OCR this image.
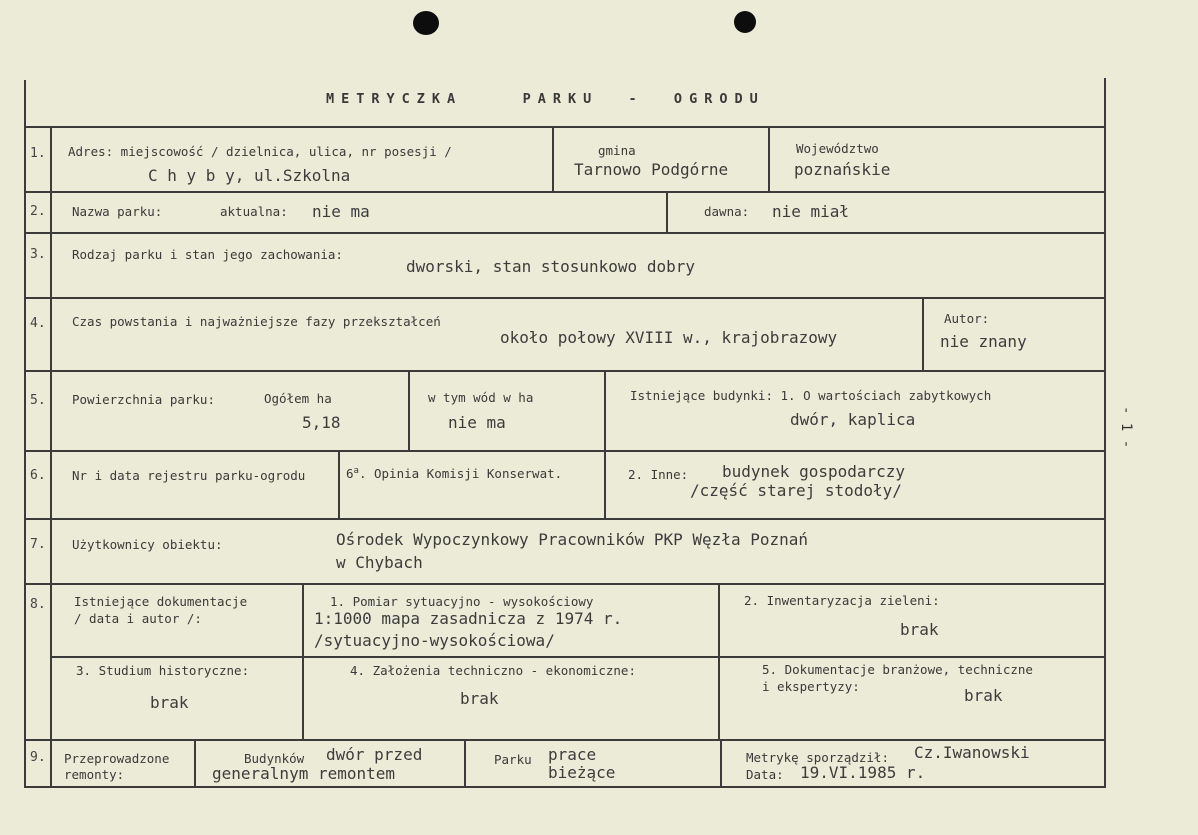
METRYCZKA    PARKU  -  OGRODU
1. Adres: miejscowość / dzielnica, ulica, nr posesji /
C h y b y, ul.Szkolna
gmina
Tarnowo Podgórne
Województwo
poznańskie
2. Nazwa parku:	aktualna: nie ma	dawna: nie miał
3. Rodzaj parku i stan jego zachowania:
dworski, stan stosunkowo dobry
4. Czas powstania i najważniejsze fazy przekształceń
około połowy XVIII w., krajobrazowy
Autor:
nie znany
5. Powierzchnia parku:	Ogółem ha
5,18
w tym wód w ha
nie ma
Istniejące budynki: 1. O wartościach zabytkowych
dwór, kaplica
6. Nr i data rejestru parku-ogrodu	6$^a$. Opinia Komisji Konserwat.	2. Inne: budynek gospodarczy
/część starej stodoły/
7. Użytkownicy obiektu:	Ośrodek Wypoczynkowy Pracowników PKP Węzła Poznań
w Chybach
8. Istniejące dokumentacje
/ data i autor /:
1. Pomiar sytuacyjno - wysokościowy
1:1000 mapa zasadnicza z 1974 r.
/sytuacyjno-wysokościowa/
2. Inwentaryzacja zieleni:
brak
3. Studium historyczne:
brak
4. Założenia techniczno - ekonomiczne:
brak
5. Dokumentacje branżowe, techniczne
i ekspertyzy:	brak
9. Przeprowadzone
remonty:
Budynków dwór przed
generalnym remontem
Parku prace
bieżące
Metrykę sporządził: Cz.Iwanowski
Data: 19.VI.1985 r.
- 1 -
